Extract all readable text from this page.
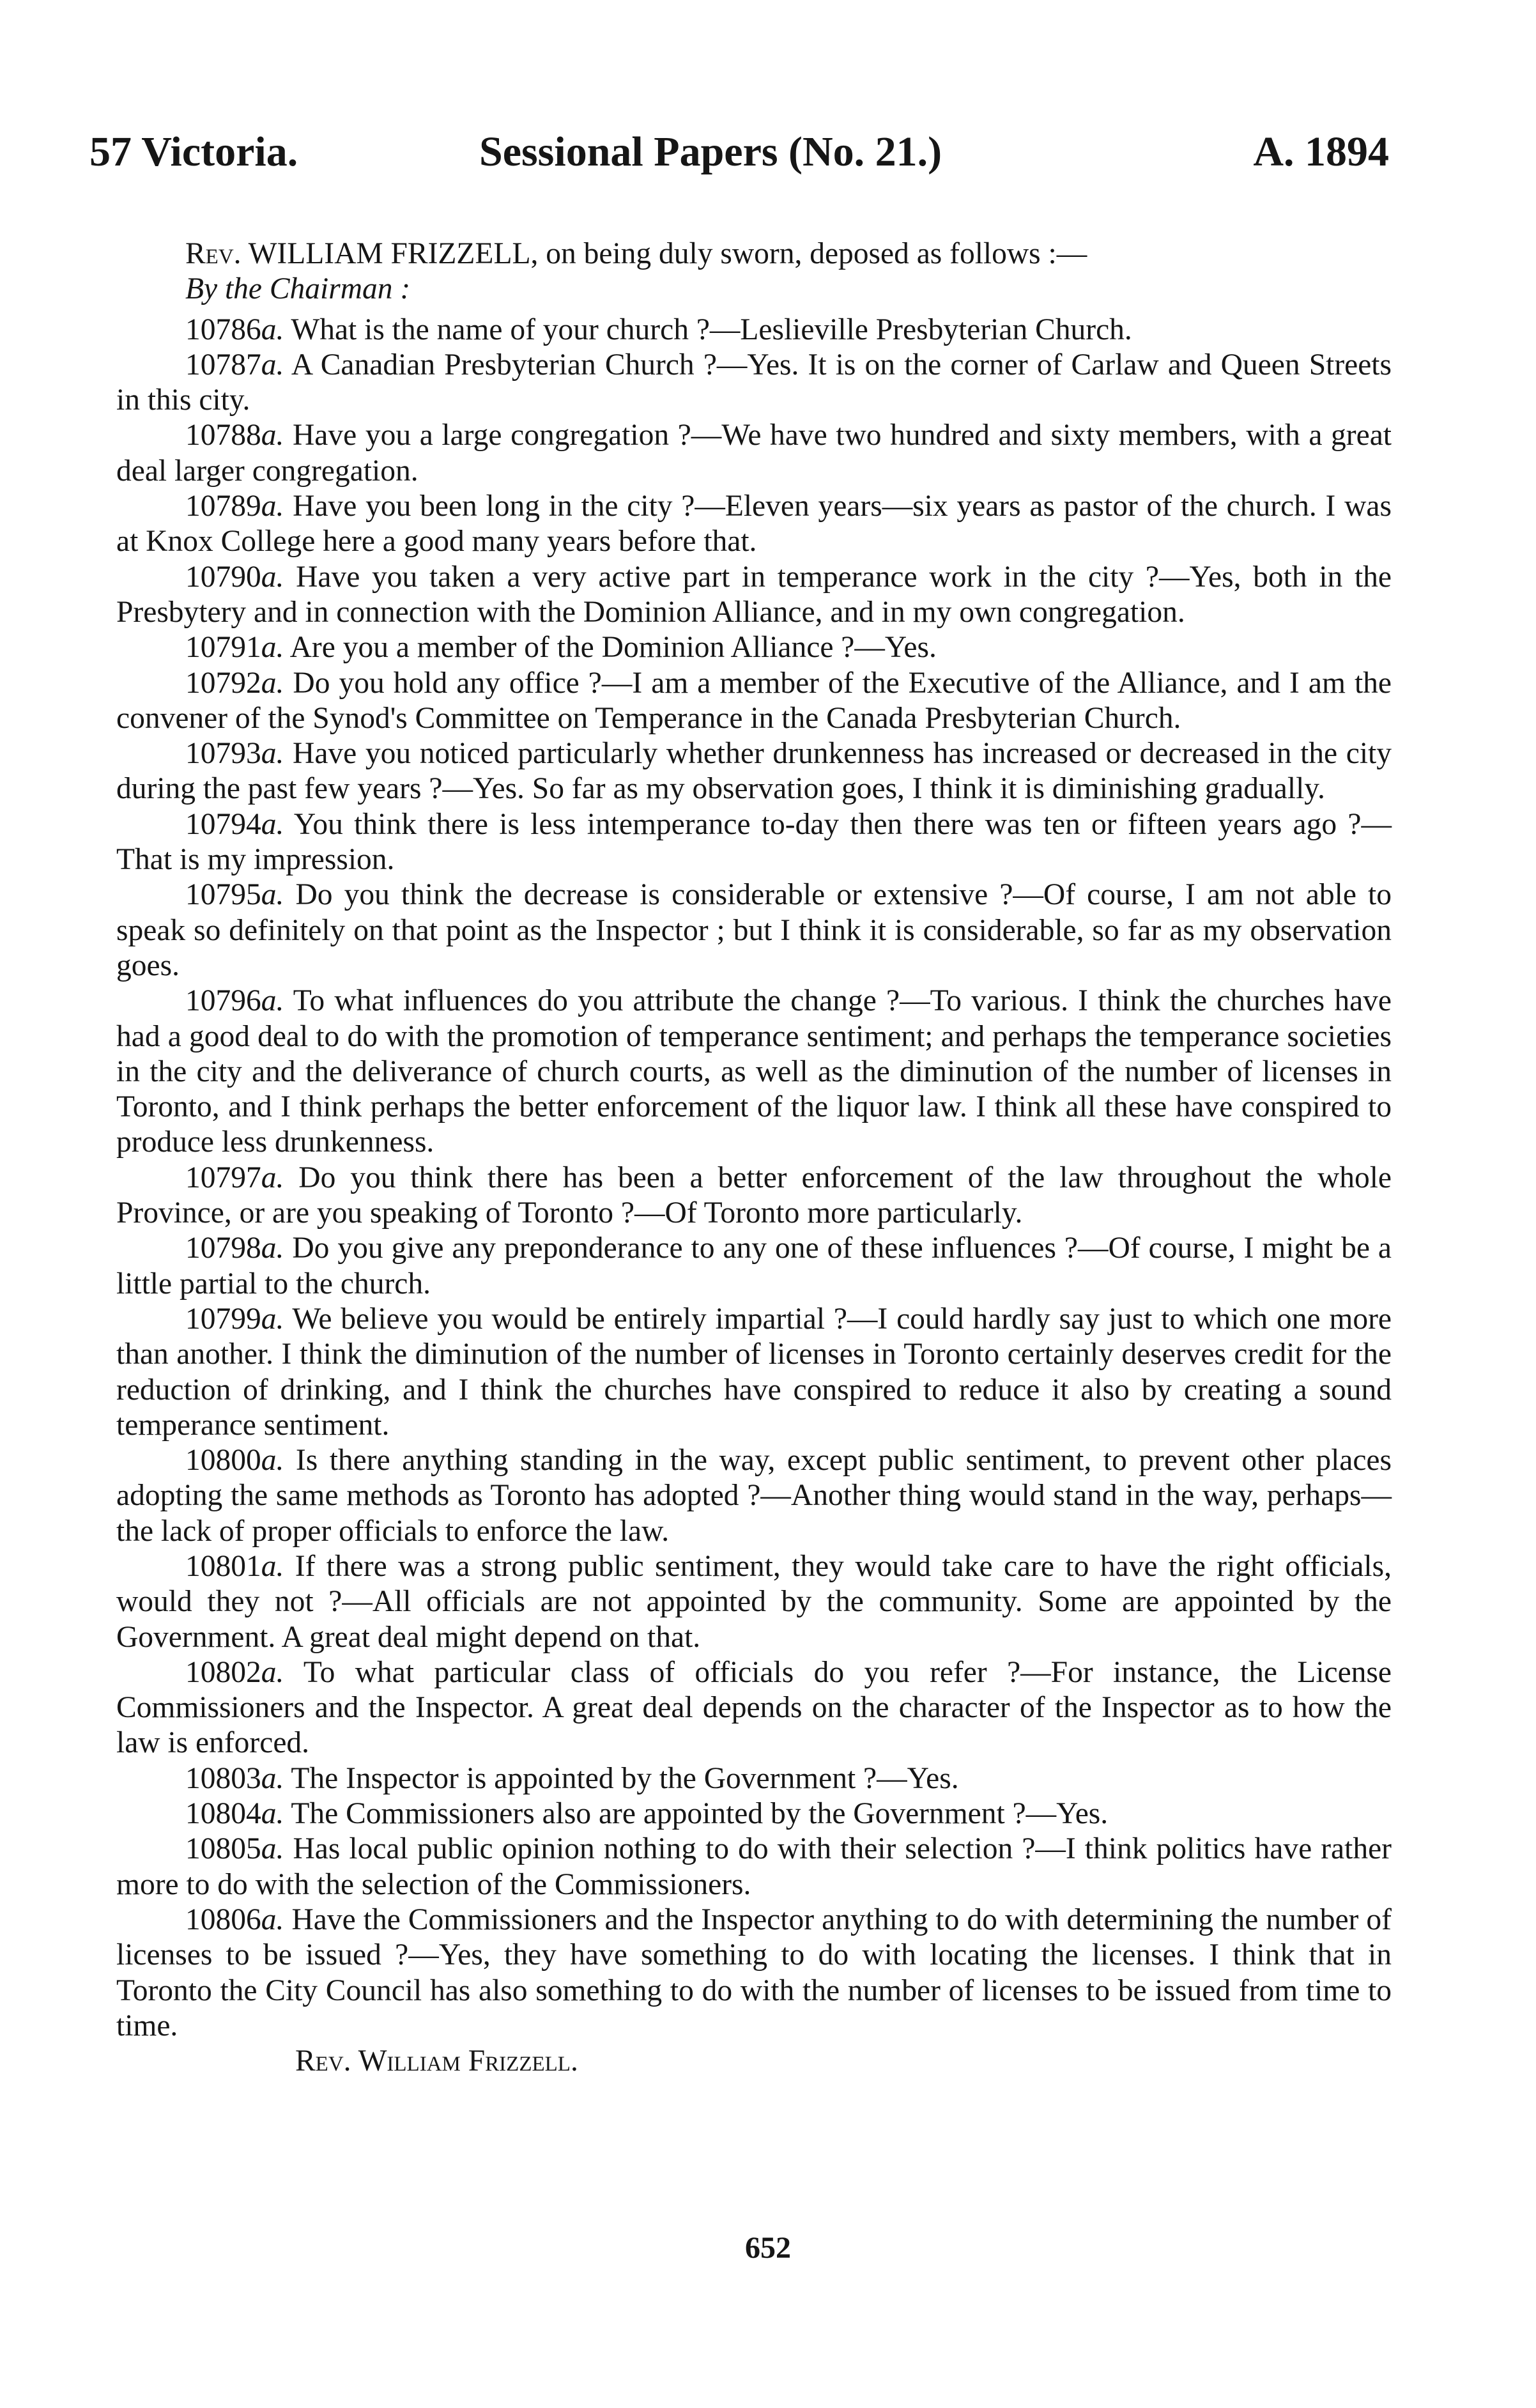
57 Victoria.	Sessional Papers (No. 21.)	A. 1894

Rev. WILLIAM FRIZZELL, on being duly sworn, deposed as follows :—

By the Chairman :

10786a. What is the name of your church ?—Leslieville Presbyterian Church.

10787a. A Canadian Presbyterian Church ?—Yes. It is on the corner of Carlaw and Queen Streets in this city.

10788a. Have you a large congregation ?—We have two hundred and sixty members, with a great deal larger congregation.

10789a. Have you been long in the city ?—Eleven years—six years as pastor of the church. I was at Knox College here a good many years before that.

10790a. Have you taken a very active part in temperance work in the city ?—Yes, both in the Presbytery and in connection with the Dominion Alliance, and in my own congregation.

10791a. Are you a member of the Dominion Alliance ?—Yes.

10792a. Do you hold any office ?—I am a member of the Executive of the Alliance, and I am the convener of the Synod's Committee on Temperance in the Canada Presbyterian Church.

10793a. Have you noticed particularly whether drunkenness has increased or decreased in the city during the past few years ?—Yes. So far as my observation goes, I think it is diminishing gradually.

10794a. You think there is less intemperance to-day then there was ten or fifteen years ago ?—That is my impression.

10795a. Do you think the decrease is considerable or extensive ?—Of course, I am not able to speak so definitely on that point as the Inspector ; but I think it is considerable, so far as my observation goes.

10796a. To what influences do you attribute the change ?—To various. I think the churches have had a good deal to do with the promotion of temperance sentiment; and perhaps the temperance societies in the city and the deliverance of church courts, as well as the diminution of the number of licenses in Toronto, and I think perhaps the better enforcement of the liquor law. I think all these have conspired to produce less drunkenness.

10797a. Do you think there has been a better enforcement of the law throughout the whole Province, or are you speaking of Toronto ?—Of Toronto more particularly.

10798a. Do you give any preponderance to any one of these influences ?—Of course, I might be a little partial to the church.

10799a. We believe you would be entirely impartial ?—I could hardly say just to which one more than another. I think the diminution of the number of licenses in Toronto certainly deserves credit for the reduction of drinking, and I think the churches have conspired to reduce it also by creating a sound temperance sentiment.

10800a. Is there anything standing in the way, except public sentiment, to prevent other places adopting the same methods as Toronto has adopted ?—Another thing would stand in the way, perhaps—the lack of proper officials to enforce the law.

10801a. If there was a strong public sentiment, they would take care to have the right officials, would they not ?—All officials are not appointed by the community. Some are appointed by the Government. A great deal might depend on that.

10802a. To what particular class of officials do you refer ?—For instance, the License Commissioners and the Inspector. A great deal depends on the character of the Inspector as to how the law is enforced.

10803a. The Inspector is appointed by the Government ?—Yes.

10804a. The Commissioners also are appointed by the Government ?—Yes.

10805a. Has local public opinion nothing to do with their selection ?—I think politics have rather more to do with the selection of the Commissioners.

10806a. Have the Commissioners and the Inspector anything to do with determining the number of licenses to be issued ?—Yes, they have something to do with locating the licenses. I think that in Toronto the City Council has also something to do with the number of licenses to be issued from time to time.

Rev. William Frizzell.

652
